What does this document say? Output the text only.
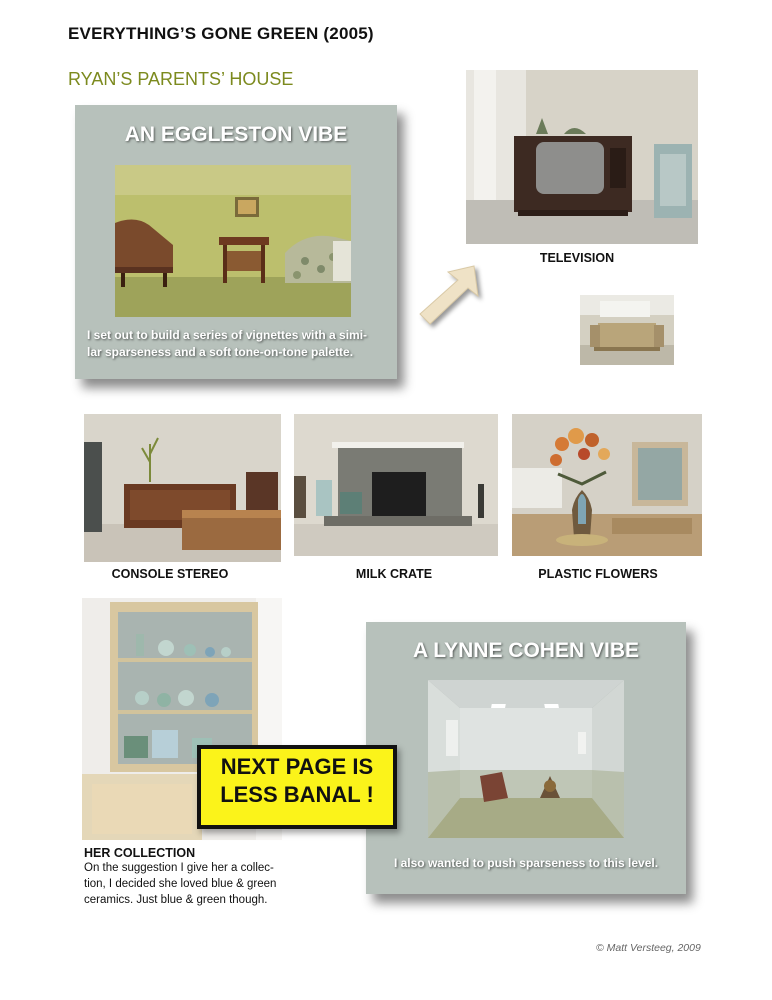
EVERYTHING’S GONE GREEN (2005)
RYAN’S PARENTS’ HOUSE
AN EGGLESTON VIBE
I set out to build a series of vignettes with a simi-
lar sparseness and a soft tone-on-tone palette.
TELEVISION
CONSOLE STEREO	MILK CRATE	PLASTIC FLOWERS
HER COLLECTION
On the suggestion I give her a collec-
tion, I decided she loved blue & green
ceramics. Just blue & green though.
A LYNNE COHEN VIBE
I also wanted to push sparseness to this level.
NEXT PAGE IS
LESS BANAL !
© Matt Versteeg, 2009
